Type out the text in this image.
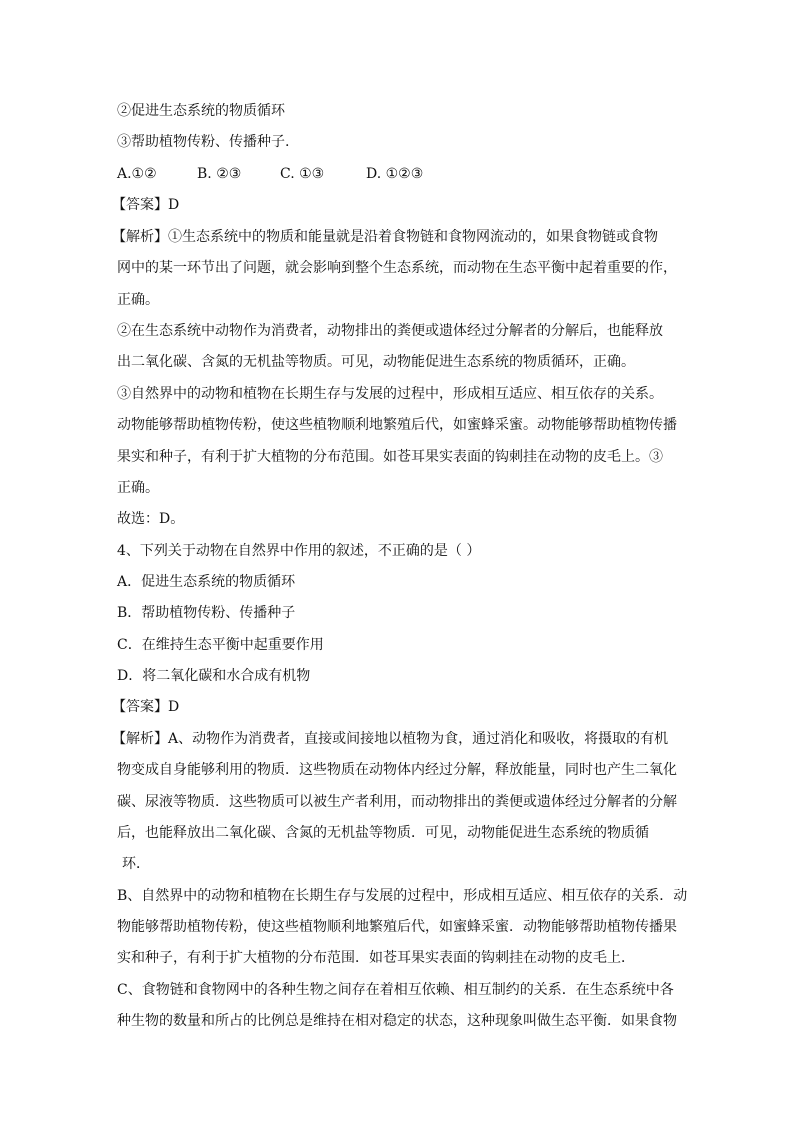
②促进生态系统的物质循环
③帮助植物传粉、传播种子.
A.①②	B. ②③	C. ①③	D. ①②③
【答案】D
【解析】①生态系统中的物质和能量就是沿着食物链和食物网流动的，如果食物链或食物
网中的某一环节出了问题，就会影响到整个生态系统，而动物在生态平衡中起着重要的作，
正确。
②在生态系统中动物作为消费者，动物排出的粪便或遗体经过分解者的分解后，也能释放
出二氧化碳、含氮的无机盐等物质。可见，动物能促进生态系统的物质循环，正确。
③自然界中的动物和植物在长期生存与发展的过程中，形成相互适应、相互依存的关系。
动物能够帮助植物传粉，使这些植物顺利地繁殖后代，如蜜蜂采蜜。动物能够帮助植物传播
果实和种子，有利于扩大植物的分布范围。如苍耳果实表面的钩刺挂在动物的皮毛上。③
正确。
故选：D。
4、下列关于动物在自然界中作用的叙述，不正确的是（ ）
A．促进生态系统的物质循环
B．帮助植物传粉、传播种子
C．在维持生态平衡中起重要作用
D．将二氧化碳和水合成有机物
【答案】D
【解析】A、动物作为消费者，直接或间接地以植物为食，通过消化和吸收，将摄取的有机
物变成自身能够利用的物质．这些物质在动物体内经过分解，释放能量，同时也产生二氧化
碳、尿液等物质．这些物质可以被生产者利用，而动物排出的粪便或遗体经过分解者的分解
后，也能释放出二氧化碳、含氮的无机盐等物质．可见，动物能促进生态系统的物质循
环．
B、自然界中的动物和植物在长期生存与发展的过程中，形成相互适应、相互依存的关系．动
物能够帮助植物传粉，使这些植物顺利地繁殖后代，如蜜蜂采蜜．动物能够帮助植物传播果
实和种子，有利于扩大植物的分布范围．如苍耳果实表面的钩刺挂在动物的皮毛上．
C、食物链和食物网中的各种生物之间存在着相互依赖、相互制约的关系．在生态系统中各
种生物的数量和所占的比例总是维持在相对稳定的状态，这种现象叫做生态平衡．如果食物
